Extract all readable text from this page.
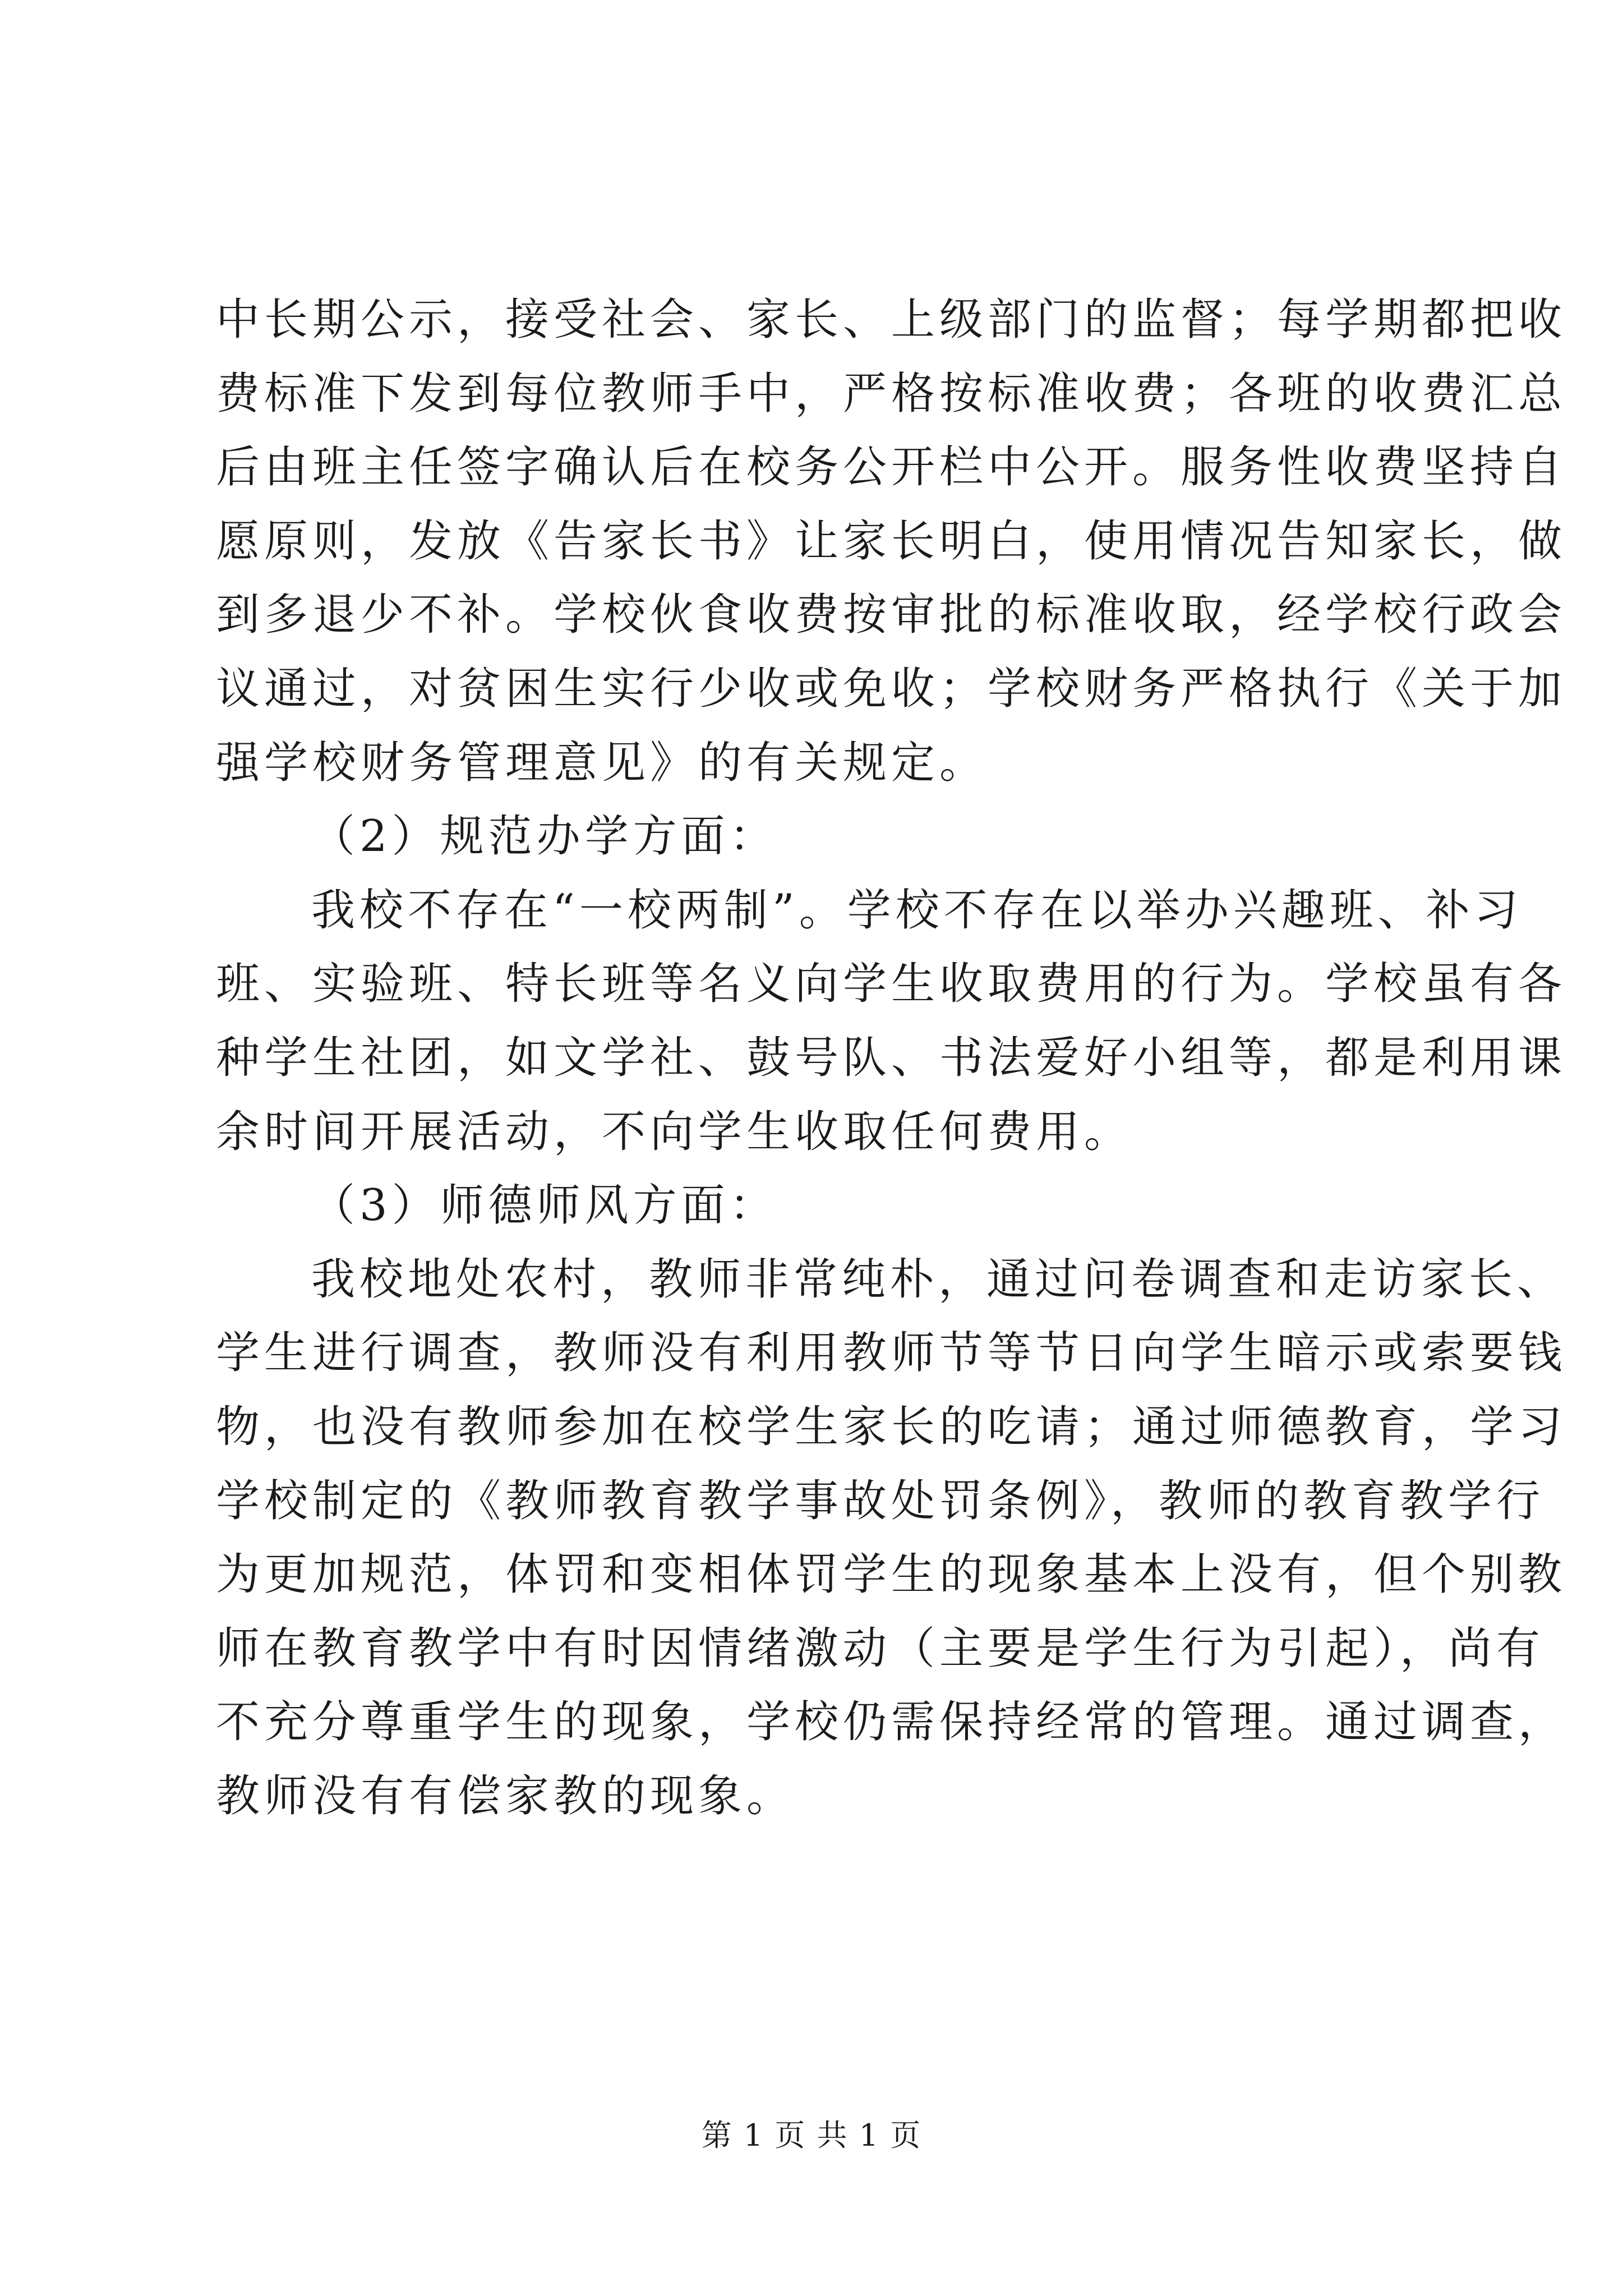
中长期公示，接受社会、家长、上级部门的监督；每学期都把收
费标准下发到每位教师手中，严格按标准收费；各班的收费汇总
后由班主任签字确认后在校务公开栏中公开。服务性收费坚持自
愿原则，发放《告家长书》让家长明白，使用情况告知家长，做
到多退少不补。学校伙食收费按审批的标准收取，经学校行政会
议通过，对贫困生实行少收或免收；学校财务严格执行《关于加
强学校财务管理意见》的有关规定。
（2）规范办学方面：
我校不存在“一校两制”。学校不存在以举办兴趣班、补习
班、实验班、特长班等名义向学生收取费用的行为。学校虽有各
种学生社团，如文学社、鼓号队、书法爱好小组等，都是利用课
余时间开展活动，不向学生收取任何费用。
（3）师德师风方面：
我校地处农村，教师非常纯朴，通过问卷调查和走访家长、
学生进行调查，教师没有利用教师节等节日向学生暗示或索要钱
物，也没有教师参加在校学生家长的吃请；通过师德教育，学习
学校制定的《教师教育教学事故处罚条例》，教师的教育教学行
为更加规范，体罚和变相体罚学生的现象基本上没有，但个别教
师在教育教学中有时因情绪激动（主要是学生行为引起），尚有
不充分尊重学生的现象，学校仍需保持经常的管理。通过调查，
教师没有有偿家教的现象。
第 1 页 共 1 页
